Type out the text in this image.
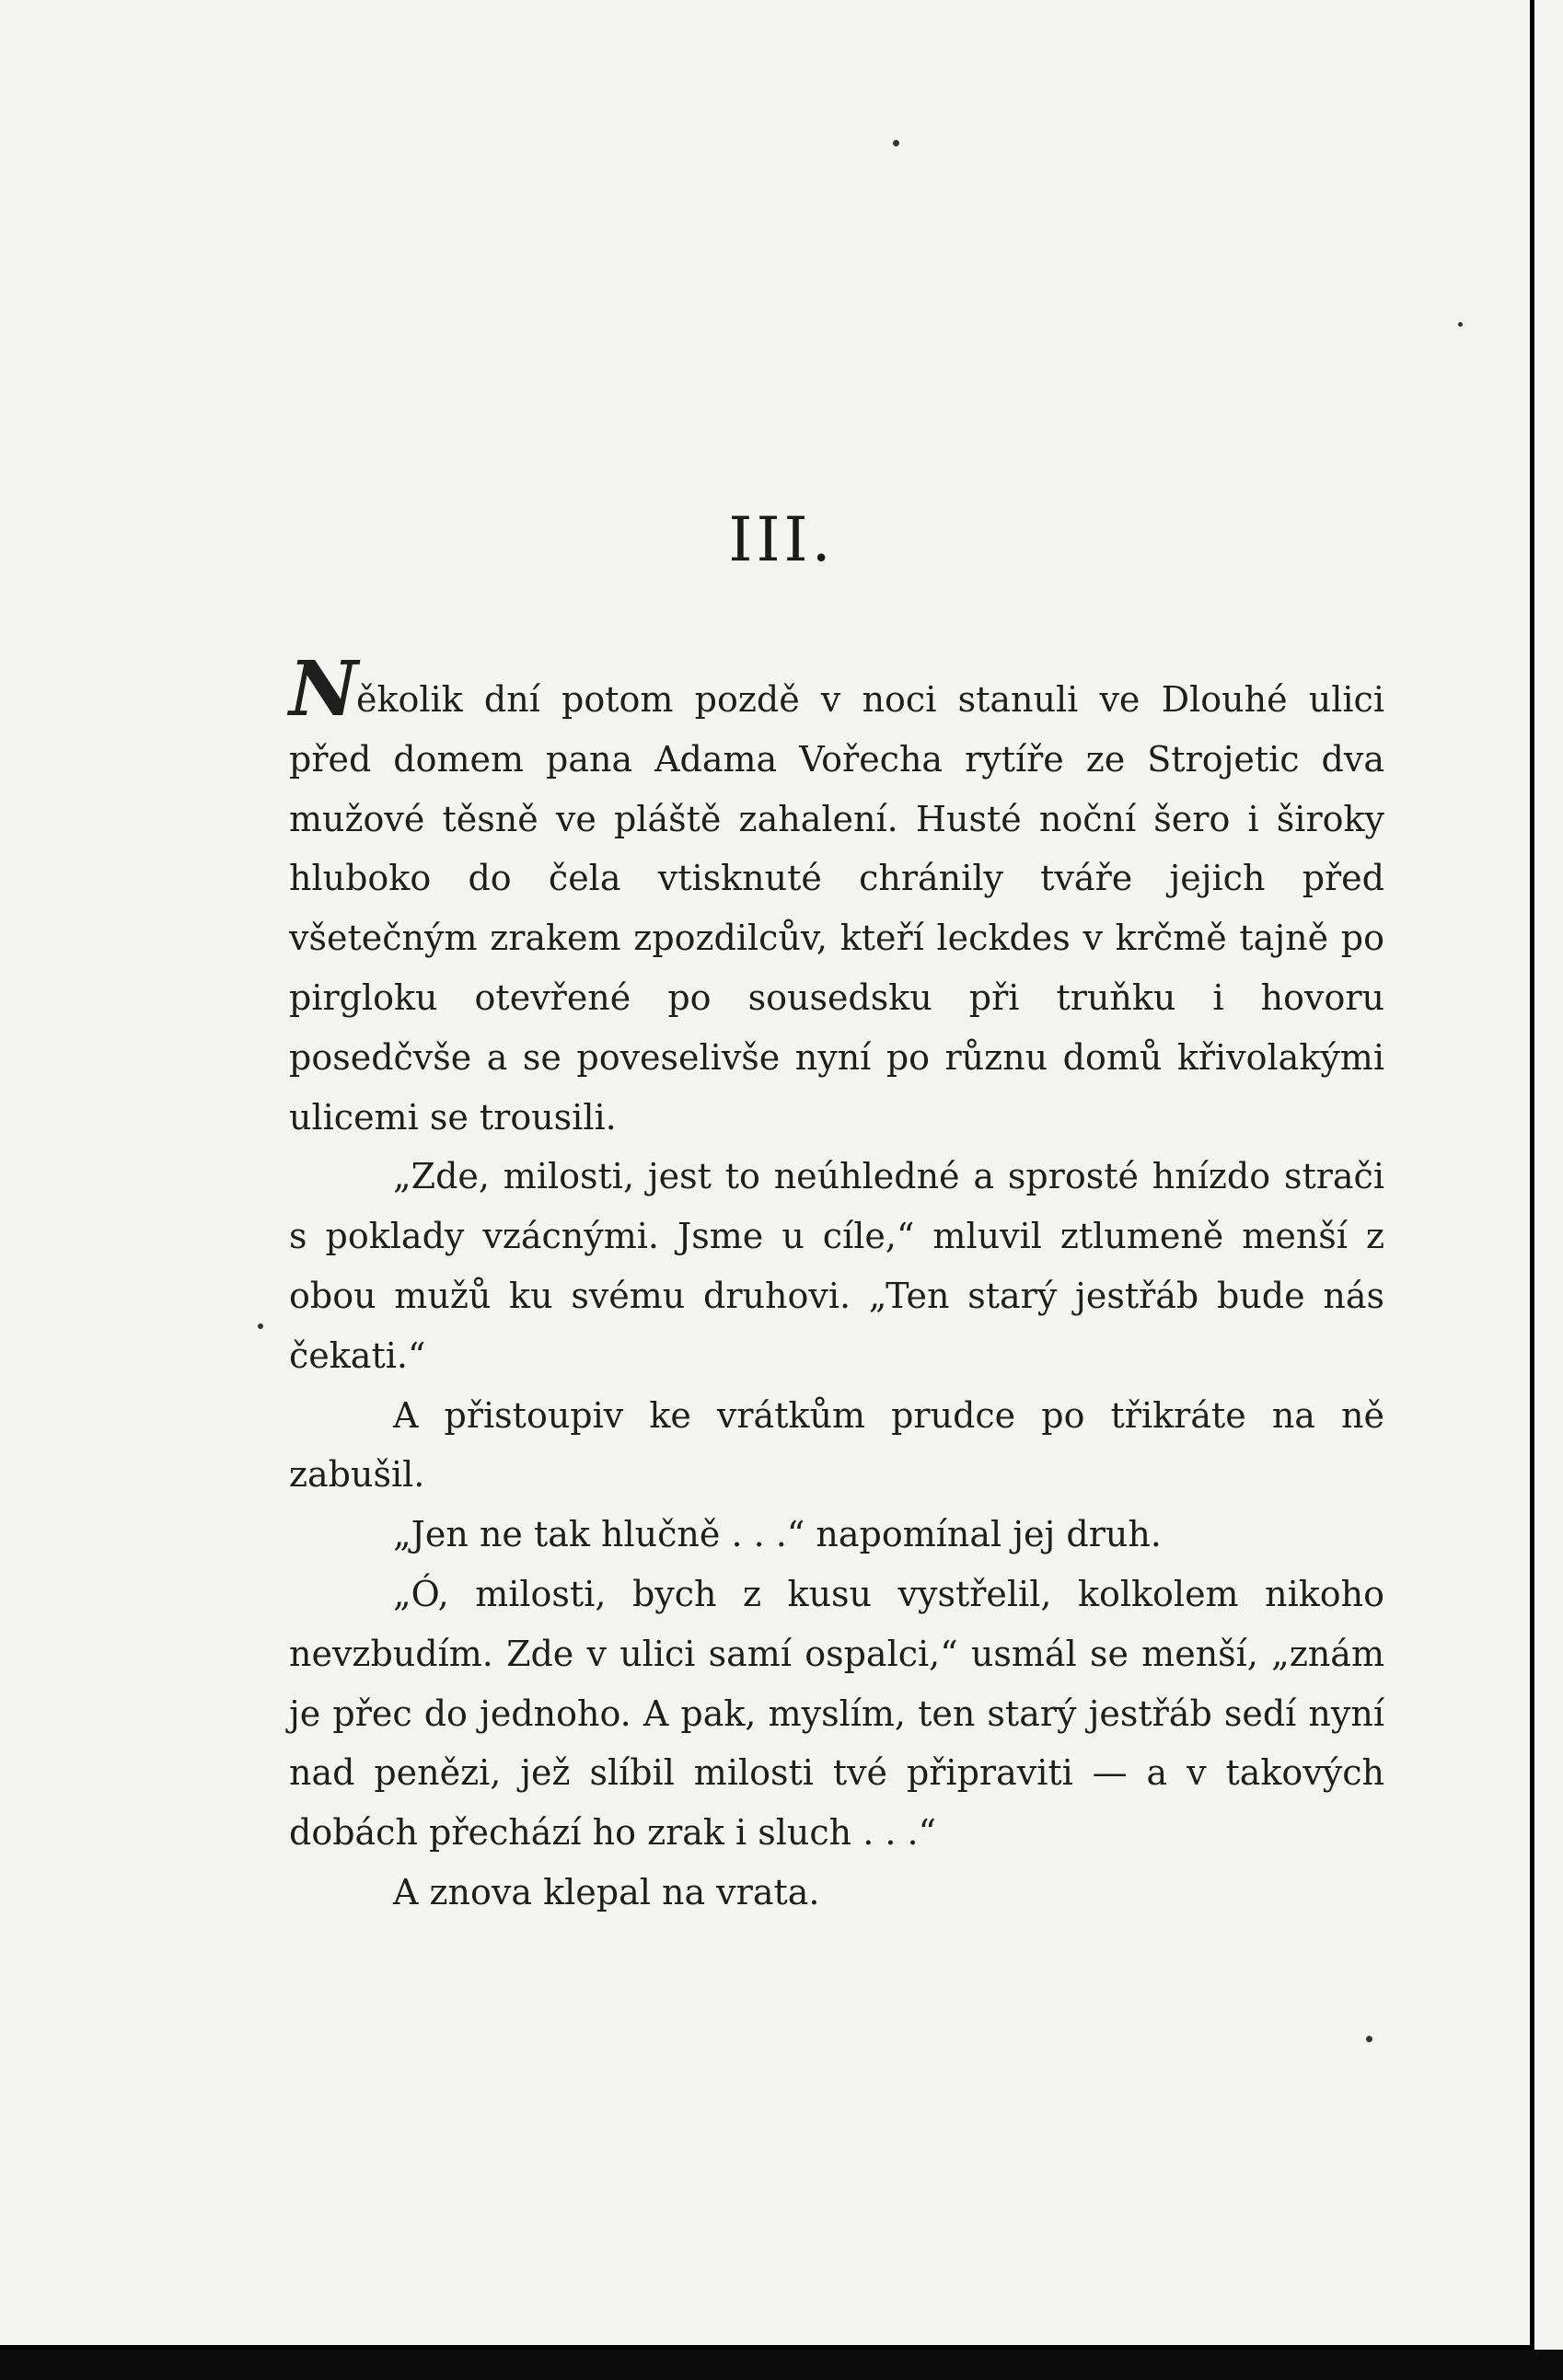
III.

Několik dní potom pozdě v noci stanuli ve Dlouhé ulici před domem pana Adama Vořecha rytíře ze Strojetic dva mužové těsně ve pláště zahalení. Husté noční šero i široky hluboko do čela vtisknuté chránily tváře jejich před všetečným zrakem zpozdilcův, kteří leckdes v krčmě tajně po pirgloku otevřené po sousedsku při truňku i hovoru posedčvše a se poveselivše nyní po různu domů křivolakými ulicemi se trousili.

„Zde, milosti, jest to neúhledné a sprosté hnízdo strači s poklady vzácnými. Jsme u cíle,“ mluvil ztlumeně menší z obou mužů ku svému druhovi. „Ten starý jestřáb bude nás čekati.“

A přistoupiv ke vrátkům prudce po třikráte na ně zabušil.

„Jen ne tak hlučně . . .“ napomínal jej druh.

„Ó, milosti, bych z kusu vystřelil, kolkolem nikoho nevzbudím. Zde v ulici samí ospalci,“ usmál se menší, „znám je přec do jednoho. A pak, myslím, ten starý jestřáb sedí nyní nad penězi, jež slíbil milosti tvé připraviti — a v takových dobách přechází ho zrak i sluch . . .“

A znova klepal na vrata.
